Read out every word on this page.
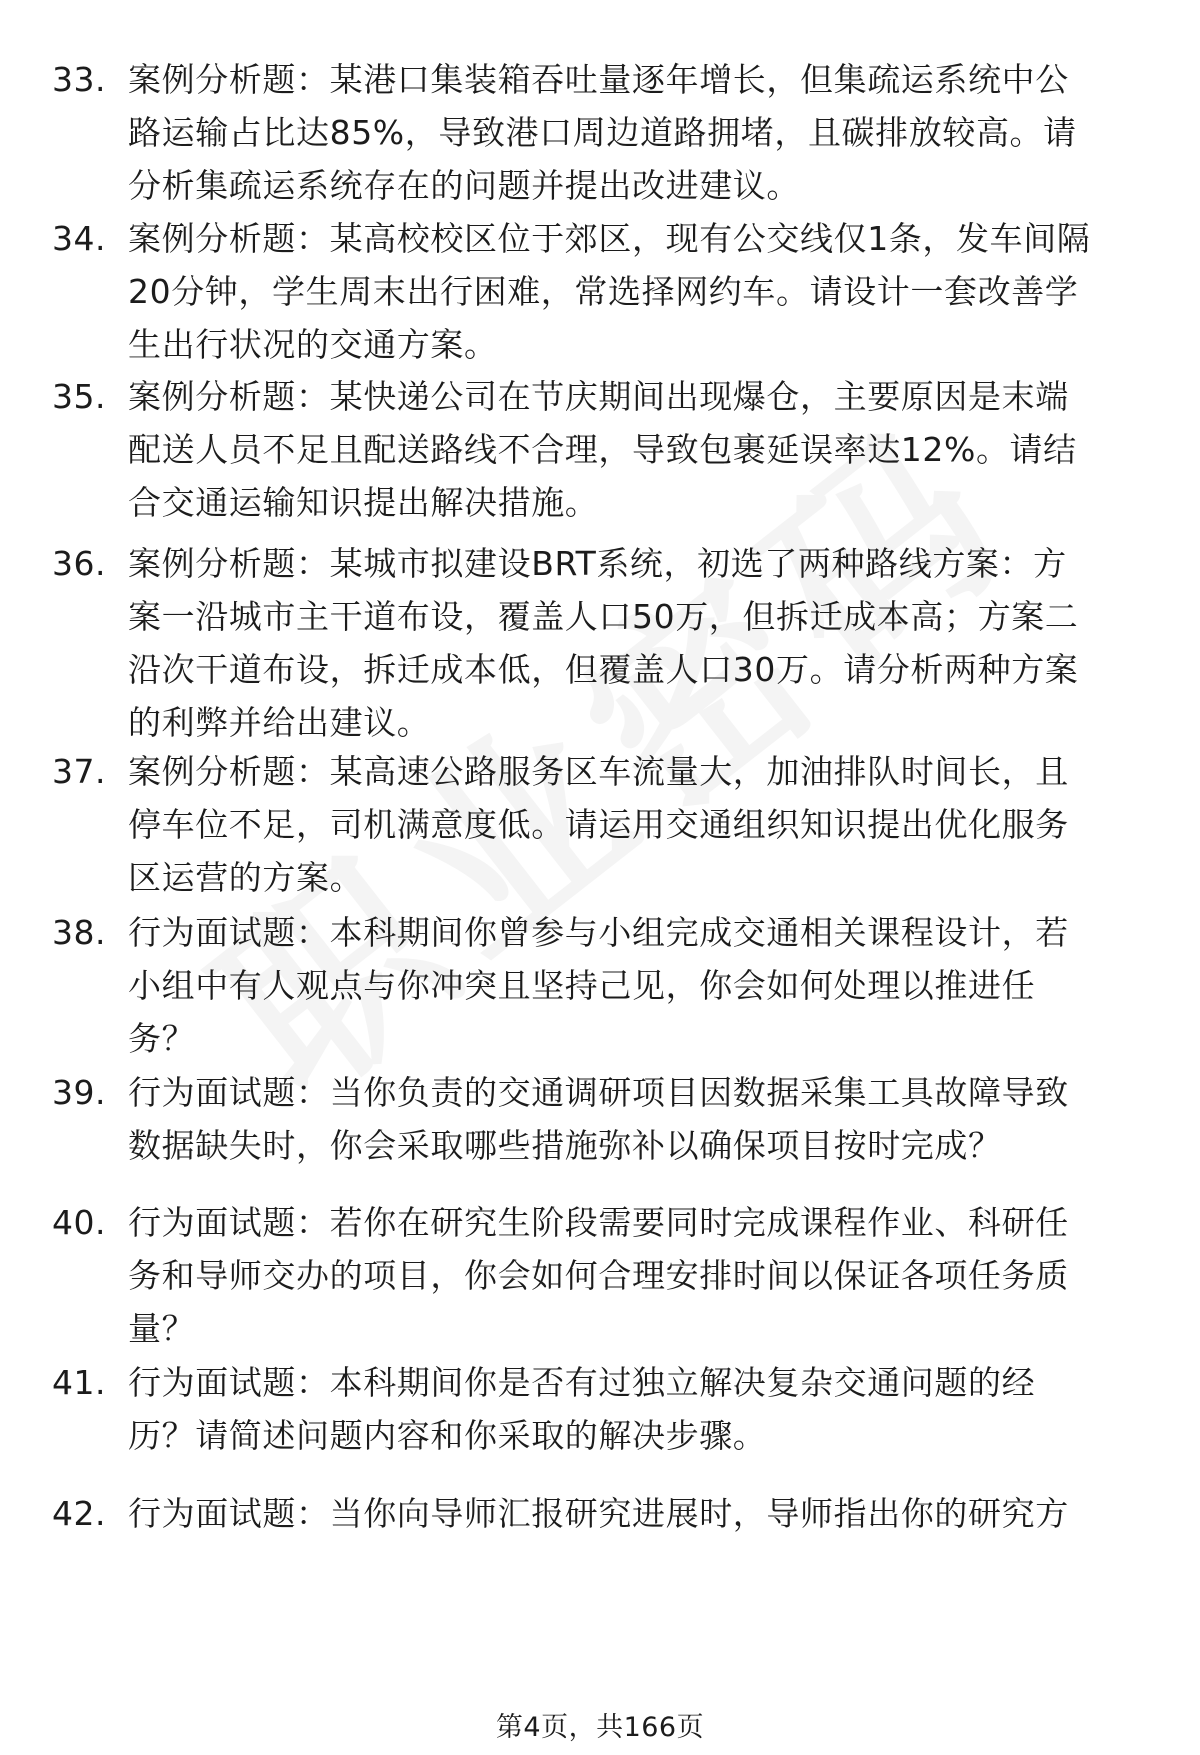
33. 案例分析题：某港口集装箱吞吐量逐年增长，但集疏运系统中公
路运输占比达85%，导致港口周边道路拥堵，且碳排放较高。请
分析集疏运系统存在的问题并提出改进建议。
34. 案例分析题：某高校校区位于郊区，现有公交线仅1条，发车间隔
20分钟，学生周末出行困难，常选择网约车。请设计一套改善学
生出行状况的交通方案。
35. 案例分析题：某快递公司在节庆期间出现爆仓，主要原因是末端
配送人员不足且配送路线不合理，导致包裹延误率达12%。请结
合交通运输知识提出解决措施。
36. 案例分析题：某城市拟建设BRT系统，初选了两种路线方案：方
案一沿城市主干道布设，覆盖人口50万，但拆迁成本高；方案二
沿次干道布设，拆迁成本低，但覆盖人口30万。请分析两种方案
的利弊并给出建议。
37. 案例分析题：某高速公路服务区车流量大，加油排队时间长，且
停车位不足，司机满意度低。请运用交通组织知识提出优化服务
区运营的方案。
38. 行为面试题：本科期间你曾参与小组完成交通相关课程设计，若
小组中有人观点与你冲突且坚持己见，你会如何处理以推进任
务？
39. 行为面试题：当你负责的交通调研项目因数据采集工具故障导致
数据缺失时，你会采取哪些措施弥补以确保项目按时完成？
40. 行为面试题：若你在研究生阶段需要同时完成课程作业、科研任
务和导师交办的项目，你会如何合理安排时间以保证各项任务质
量？
41. 行为面试题：本科期间你是否有过独立解决复杂交通问题的经
历？请简述问题内容和你采取的解决步骤。
42. 行为面试题：当你向导师汇报研究进展时，导师指出你的研究方
第4页，共166页
